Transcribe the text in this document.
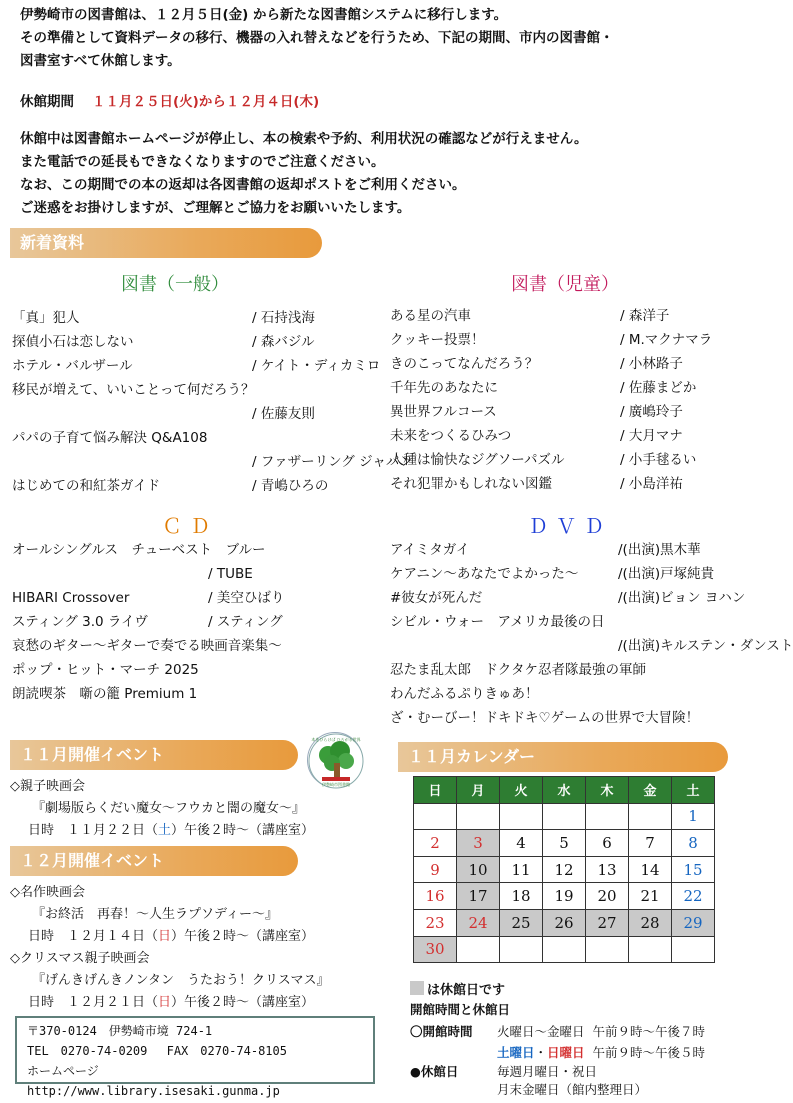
伊勢崎市の図書館は、１２月５日(金) から新たな図書館システムに移行します。
その準備として資料データの移行、機器の入れ替えなどを行うため、下記の期間、市内の図書館・
図書室すべて休館します。
休館期間 １１月２５日(火)から１２月４日(木)
休館中は図書館ホームページが停止し、本の検索や予約、利用状況の確認などが行えません。
また電話での延長もできなくなりますのでご注意ください。
なお、この期間での本の返却は各図書館の返却ポストをご利用ください。
ご迷惑をお掛けしますが、ご理解とご協力をお願いいたします。
新着資料
図書（一般）	図書（児童）
「真」犯人	/ 石持浅海
探偵小石は恋しない	/ 森バジル
ホテル・バルザール	/ ケイト・ディカミロ
移民が増えて、いいことって何だろう？
/ 佐藤友則
パパの子育て悩み解決 Q&A108
/ ファザーリング ジャパン
はじめての和紅茶ガイド	/ 青嶋ひろの
ある星の汽車	/ 森洋子
クッキー投票！	/ M.マクナマラ
きのこってなんだろう？	/ 小林路子
千年先のあなたに	/ 佐藤まどか
異世界フルコース	/ 廣嶋玲子
未来をつくるひみつ	/ 大月マナ
人種は愉快なジグソーパズル	/ 小手毬るい
それ犯罪かもしれない図鑑	/ 小島洋祐
ＣＤ	ＤＶＤ
オールシングルス　チューベスト　ブルー
/ TUBE
HIBARI Crossover	/ 美空ひばり
スティング 3.0 ライヴ	/ スティング
哀愁のギター〜ギターで奏でる映画音楽集〜
ポップ・ヒット・マーチ 2025
朗読喫茶　噺の籠 Premium 1
アイミタガイ	/(出演)黒木華
ケアニン〜あなたでよかった〜	/(出演)戸塚純貴
#彼女が死んだ	/(出演)ビョン ヨハン
シビル・ウォー　アメリカ最後の日
/(出演)キルステン・ダンスト
忍たま乱太郎　ドクタケ忍者隊最強の軍師
わんだふるぷりきゅあ！
ざ・むーびー！ドキドキ♡ゲームの世界で大冒険！
１１月開催イベント
本をひらけば ひろがる世界
伊勢崎市図書館
◇親子映画会
『劇場版らくだい魔女〜フウカと闇の魔女〜』
日時　１１月２２日（土）午後２時〜（講座室）
１２月開催イベント
◇名作映画会
『お終活　再春！〜人生ラプソディー〜』
日時　１２月１４日（日）午後２時〜（講座室）
◇クリスマス親子映画会
『げんきげんきノンタン　うたおう！クリスマス』
日時　１２月２１日（日）午後２時〜（講座室）
〒370-0124　伊勢崎市境 724-1
TEL　0270-74-0209　 FAX　0270-74-8105
ホームページ　http://www.library.isesaki.gunma.jp
１１月カレンダー
日	月	火	水	木	金	土
						1
2	3	4	5	6	7	8
9	10	11	12	13	14	15
16	17	18	19	20	21	22
23	24	25	26	27	28	29
30						
は休館日です
開館時間と休館日
〇開館時間 火曜日〜金曜日 午前９時〜午後７時
土曜日・日曜日 午前９時〜午後５時
●休館日	毎週月曜日・祝日
月末金曜日（館内整理日）
